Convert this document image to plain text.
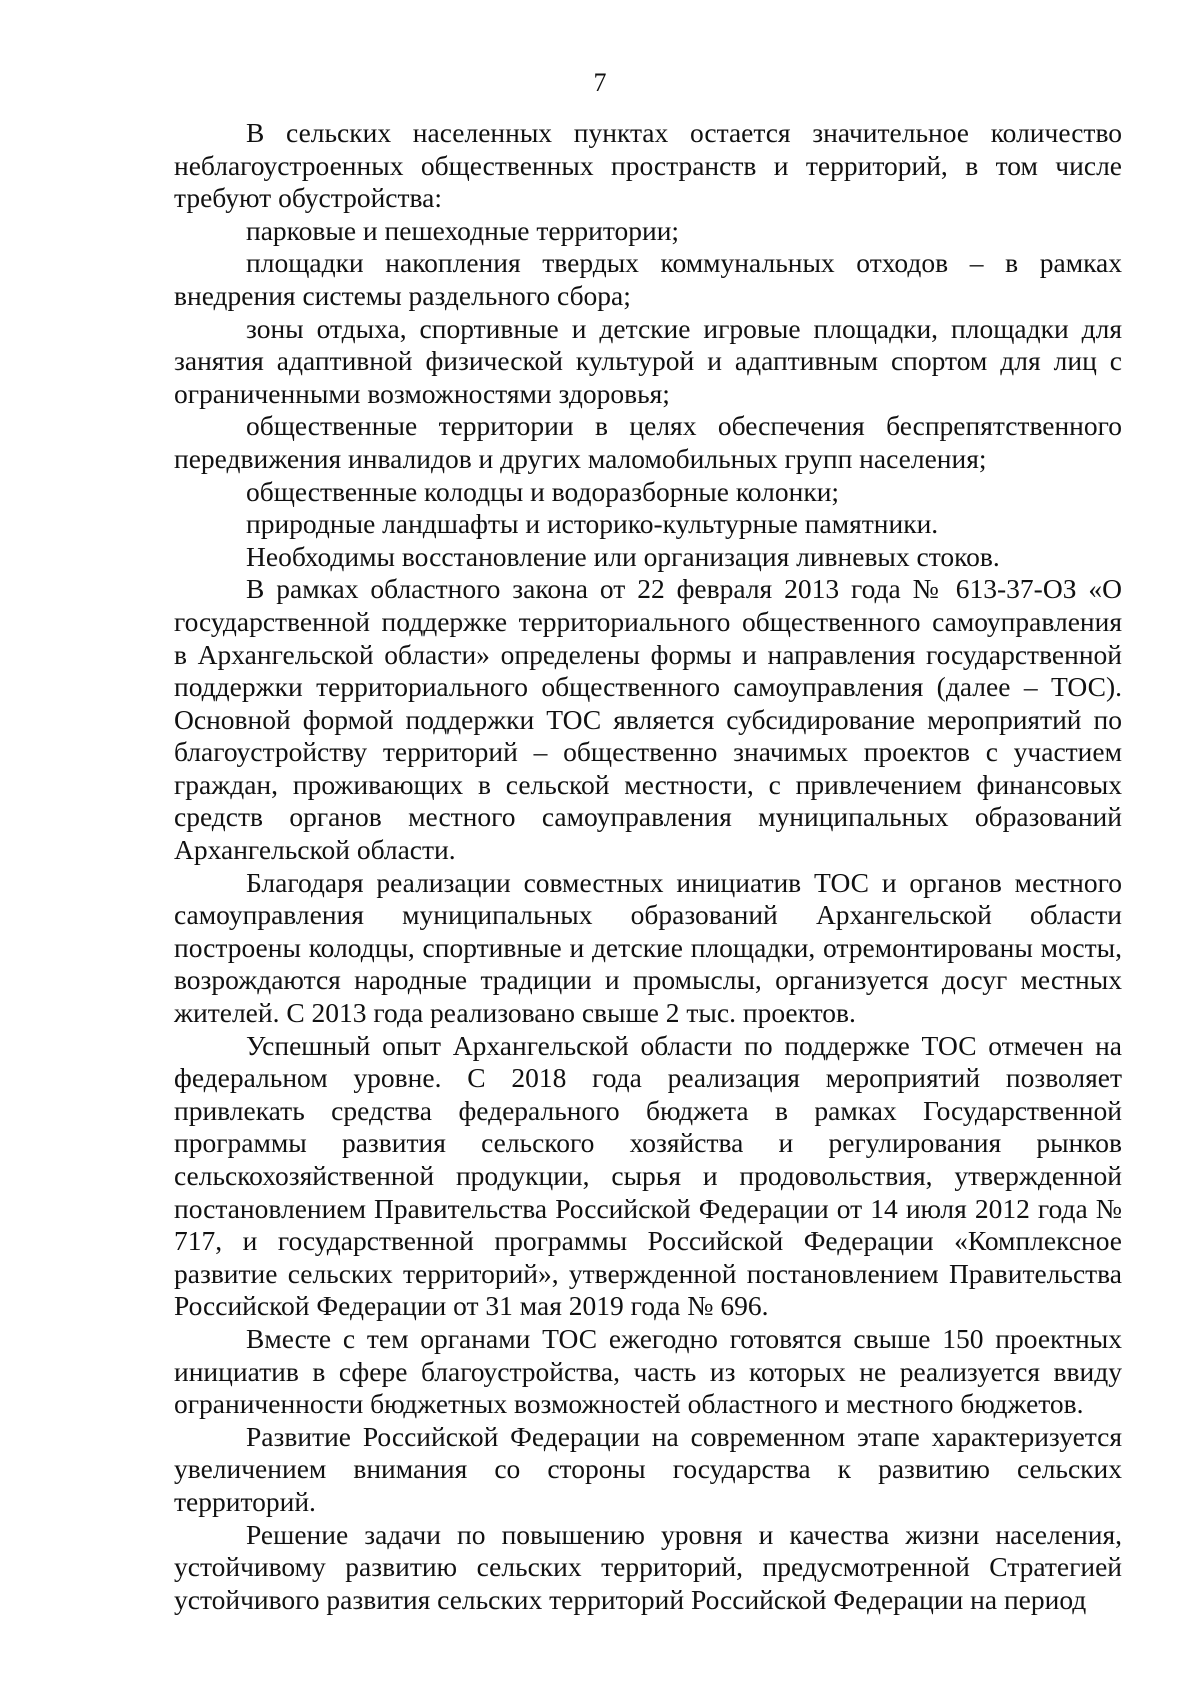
7

В сельских населенных пунктах остается значительное количество неблагоустроенных общественных пространств и территорий, в том числе требуют обустройства:

парковые и пешеходные территории;

площадки накопления твердых коммунальных отходов – в рамках внедрения системы раздельного сбора;

зоны отдыха, спортивные и детские игровые площадки, площадки для занятия адаптивной физической культурой и адаптивным спортом для лиц с ограниченными возможностями здоровья;

общественные территории в целях обеспечения беспрепятственного передвижения инвалидов и других маломобильных групп населения;

общественные колодцы и водоразборные колонки;

природные ландшафты и историко-культурные памятники.

Необходимы восстановление или организация ливневых стоков.

В рамках областного закона от 22 февраля 2013 года № 613-37-ОЗ «О государственной поддержке территориального общественного самоуправления в Архангельской области» определены формы и направления государственной поддержки территориального общественного самоуправления (далее – ТОС). Основной формой поддержки ТОС является субсидирование мероприятий по благоустройству территорий – общественно значимых проектов с участием граждан, проживающих в сельской местности, с привлечением финансовых средств органов местного самоуправления муниципальных образований Архангельской области.

Благодаря реализации совместных инициатив ТОС и органов местного самоуправления муниципальных образований Архангельской области построены колодцы, спортивные и детские площадки, отремонтированы мосты, возрождаются народные традиции и промыслы, организуется досуг местных жителей. С 2013 года реализовано свыше 2 тыс. проектов.

Успешный опыт Архангельской области по поддержке ТОС отмечен на федеральном уровне. С 2018 года реализация мероприятий позволяет привлекать средства федерального бюджета в рамках Государственной программы развития сельского хозяйства и регулирования рынков сельскохозяйственной продукции, сырья и продовольствия, утвержденной постановлением Правительства Российской Федерации от 14 июля 2012 года № 717, и государственной программы Российской Федерации «Комплексное развитие сельских территорий», утвержденной постановлением Правительства Российской Федерации от 31 мая 2019 года № 696.

Вместе с тем органами ТОС ежегодно готовятся свыше 150 проектных инициатив в сфере благоустройства, часть из которых не реализуется ввиду ограниченности бюджетных возможностей областного и местного бюджетов.

Развитие Российской Федерации на современном этапе характеризуется увеличением внимания со стороны государства к развитию сельских территорий.

Решение задачи по повышению уровня и качества жизни населения, устойчивому развитию сельских территорий, предусмотренной Стратегией устойчивого развития сельских территорий Российской Федерации на период
